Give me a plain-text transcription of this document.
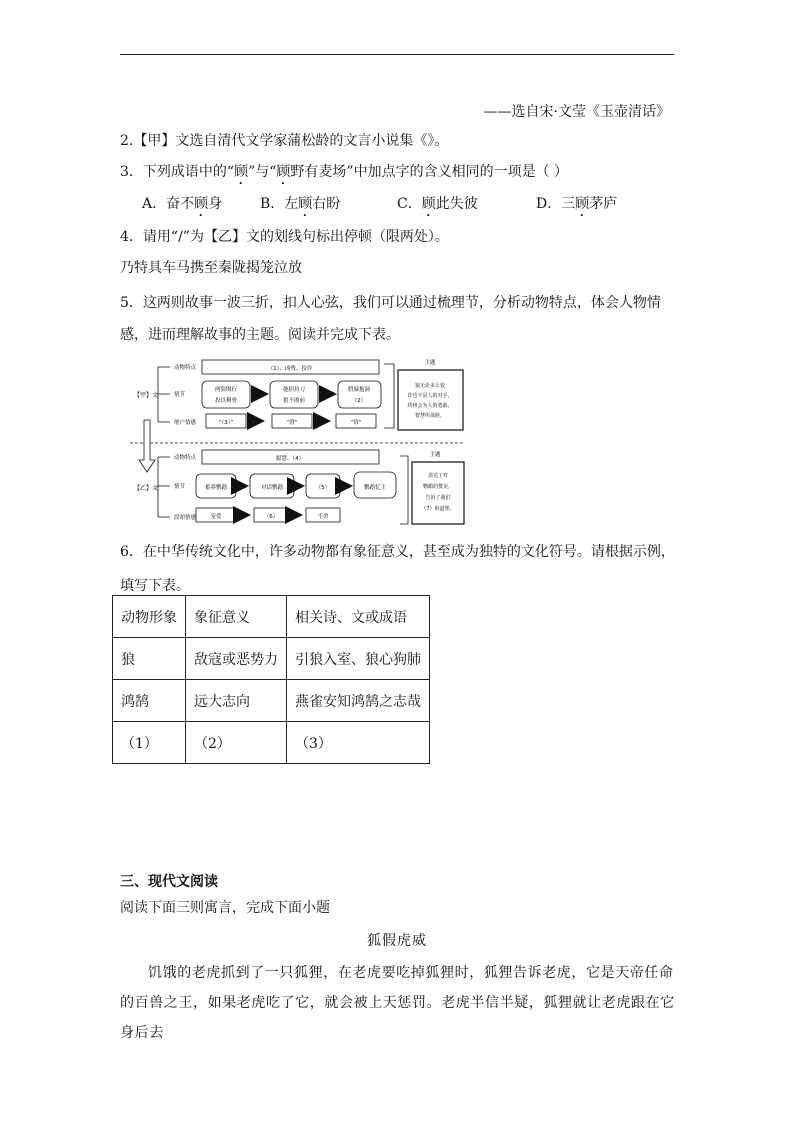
——选自宋·文莹《玉壶清话》
2.【甲】文选自清代文学家蒲松龄的文言小说集《》。
3．下列成语中的“顾”与“顾野有麦场”中加点字的含义相同的一项是（ ）
A．奋不顾身	B．左顾右盼	C．顾此失彼	D．三顾茅庐
4．请用“/”为【乙】文的划线句标出停顿（限两处）。
乃特具车马携至秦陇揭笼泣放
5．这两则故事一波三折，扣人心弦，我们可以通过梳理节，分析动物特点，体会人物情感，进而理解故事的主题。阅读并完成下表。
【甲】文
动物特点
情节
屠户情感
（1）、凶残、狡诈
两狼缀行
投以剩骨
弛担持刀
狼不敢前
假寐抱洞
（2）
“（3）”	“窘”	“悟”
主题
狼无论多么狡
诈也不是人的对手，
终将会为人的勇敢、
智慧所战胜。
【乙】文
动物特点
情节
段却情感
聪慧、（4）
蓄养鹦鹉	对话鹦鹉	（5）	鹦鹉忆主
宠爱	（6）	不舍
主题
表达了对
鹦鹉的赞美，
告诉了我们
（7）的道理。
6．在中华传统文化中，许多动物都有象征意义，甚至成为独特的文化符号。请根据示例，填写下表。
动物形象	象征意义	相关诗、文或成语
狼	敌寇或恶势力	引狼入室、狼心狗肺
鸿鹄	远大志向	燕雀安知鸿鹄之志哉
（1）	（2）	（3）
三、现代文阅读
阅读下面三则寓言，完成下面小题
狐假虎威
饥饿的老虎抓到了一只狐狸，在老虎要吃掉狐狸时，狐狸告诉老虎，它是天帝任命的百兽之王，如果老虎吃了它，就会被上天惩罚。老虎半信半疑，狐狸就让老虎跟在它身后去
